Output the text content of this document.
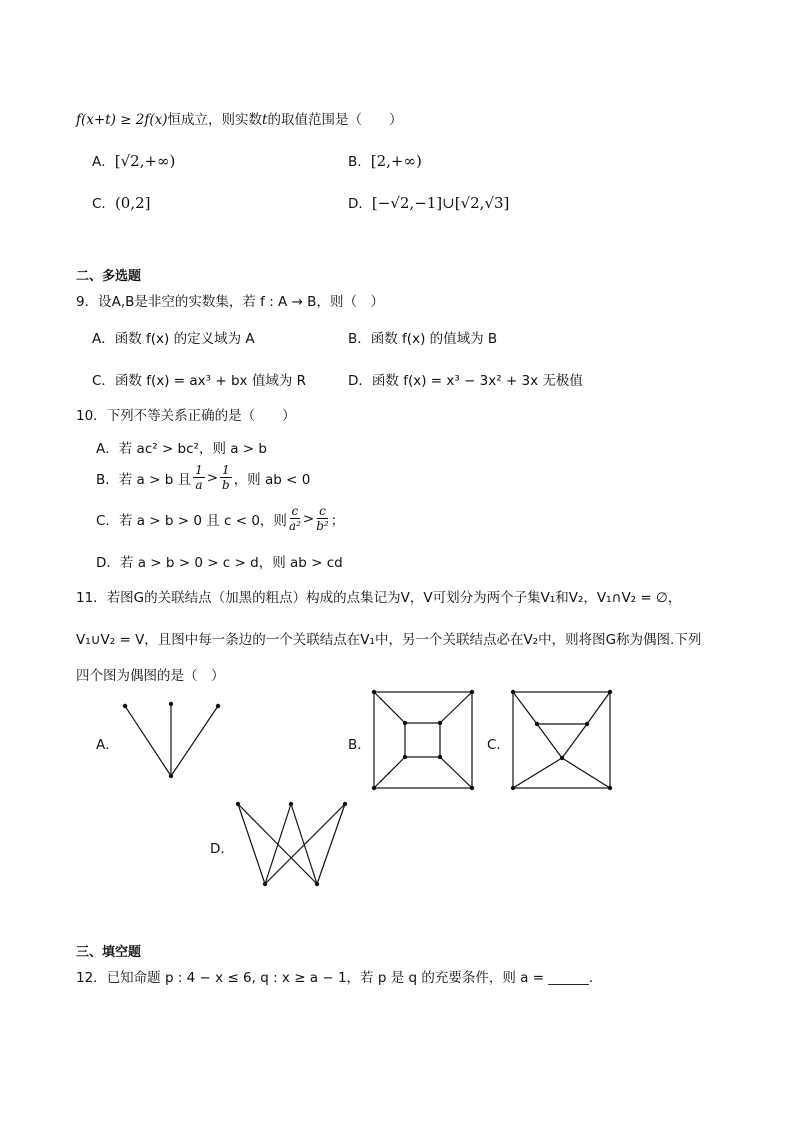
f(x+t) ≥ 2f(x)恒成立，则实数t的取值范围是（　　）
A．[√2,+∞)	B．[2,+∞)
C．(0,2]	D．[−√2,−1]∪[√2,√3]
二、多选题
9．设A,B是非空的实数集，若 f : A → B，则（　）
A．函数 f(x) 的定义域为 A	B．函数 f(x) 的值域为 B
C．函数 f(x) = ax³ + bx 值域为 R	D．函数 f(x) = x³ − 3x² + 3x 无极值
10．下列不等关系正确的是（　　）
A．若 ac² > bc²，则 a > b
B． 若 a > b 且 $\frac{1}{a} > \frac{1}{b}$ ，则 ab < 0
C． 若 a > b > 0 且 c < 0，则 $\frac{c}{\text{a²}} > \frac{c}{\text{b²}}$ ；
D．若 a > b > 0 > c > d，则 ab > cd
11．若图G的关联结点（加黑的粗点）构成的点集记为V，V可划分为两个子集V₁和V₂，V₁∩V₂ = ∅，
V₁∪V₂ = V，且图中每一条边的一个关联结点在V₁中，另一个关联结点必在V₂中，则将图G称为偶图.下列
四个图为偶图的是（　）
A．	B．	C．
D．
三、填空题
12．已知命题 p : 4 − x ≤ 6, q : x ≥ a − 1，若 p 是 q 的充要条件，则 a = ______．
